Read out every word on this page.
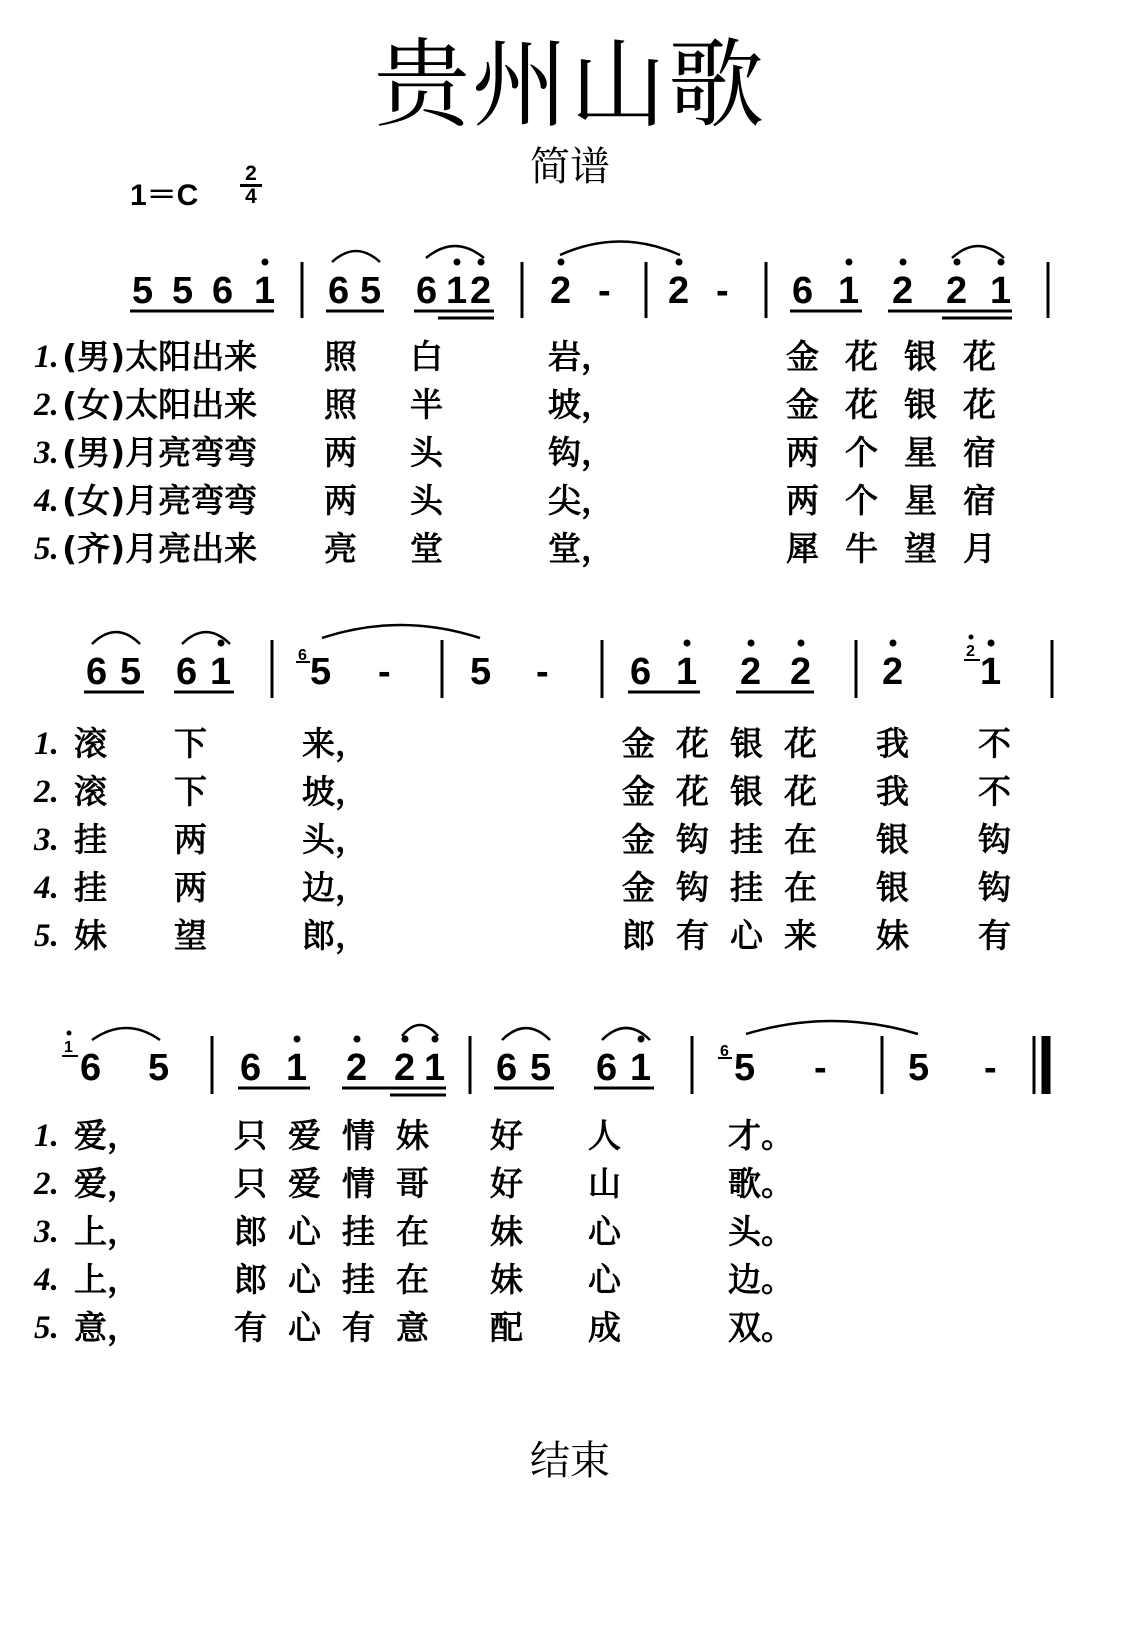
贵州山歌
简谱
1＝C
2
4
5 5 6 1 6 5 6 1 2 2 - 2 - 6 1 2 2 1
6 5 6 1	6 5 - 5 - 6 1 2 2 2	2 1
1 6 5 6 1 2 2 1 6 5 6 1	6 5 - 5 -
1. (男)太阳出来 照 白	岩，	金花银花
2. (女)太阳出来 照 半	坡，	金花银花
3. (男)月亮弯弯 两 头	钩，	两个星宿
4. (女)月亮弯弯 两 头	尖，	两个星宿
5. (齐)月亮出来 亮 堂	堂，	犀牛望月
1. 滚 下	来，	金 花 银 花 我 不
2. 滚 下	坡，	金 花 银 花 我 不
3. 挂 两	头，	金 钩 挂 在 银 钩
4. 挂 两	边，	金 钩 挂 在 银 钩
5. 妹 望	郎，	郎 有 心 来 妹 有
1. 爱，	只 爱 情 妹 好 人	才。
2. 爱，	只 爱 情 哥 好 山	歌。
3. 上，	郎 心 挂 在 妹 心	头。
4. 上，	郎 心 挂 在 妹 心	边。
5. 意，	有 心 有 意 配 成	双。
结束
